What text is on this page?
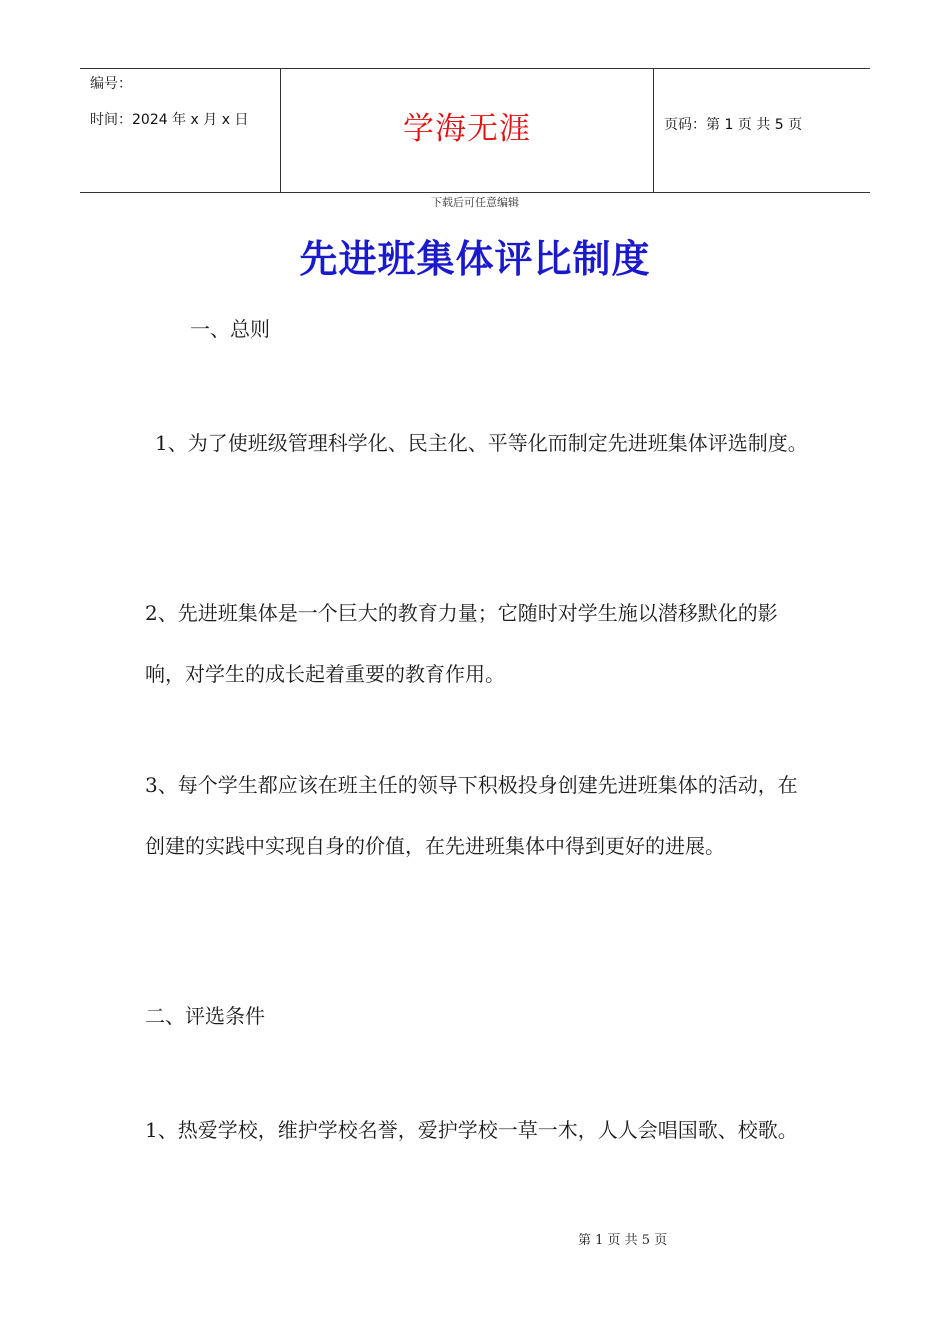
编号：
时间：2024 年 x 月 x 日	学海无涯	页码：第 1 页 共 5 页
下载后可任意编辑
先进班集体评比制度

一、总则

1、为了使班级管理科学化、民主化、平等化而制定先进班集体评选制度。

2、先进班集体是一个巨大的教育力量；它随时对学生施以潜移默化的影响，对学生的成长起着重要的教育作用。

3、每个学生都应该在班主任的领导下积极投身创建先进班集体的活动，在创建的实践中实现自身的价值，在先进班集体中得到更好的进展。

二、评选条件

1、热爱学校，维护学校名誉，爱护学校一草一木，人人会唱国歌、校歌。

第 1 页 共 5 页
